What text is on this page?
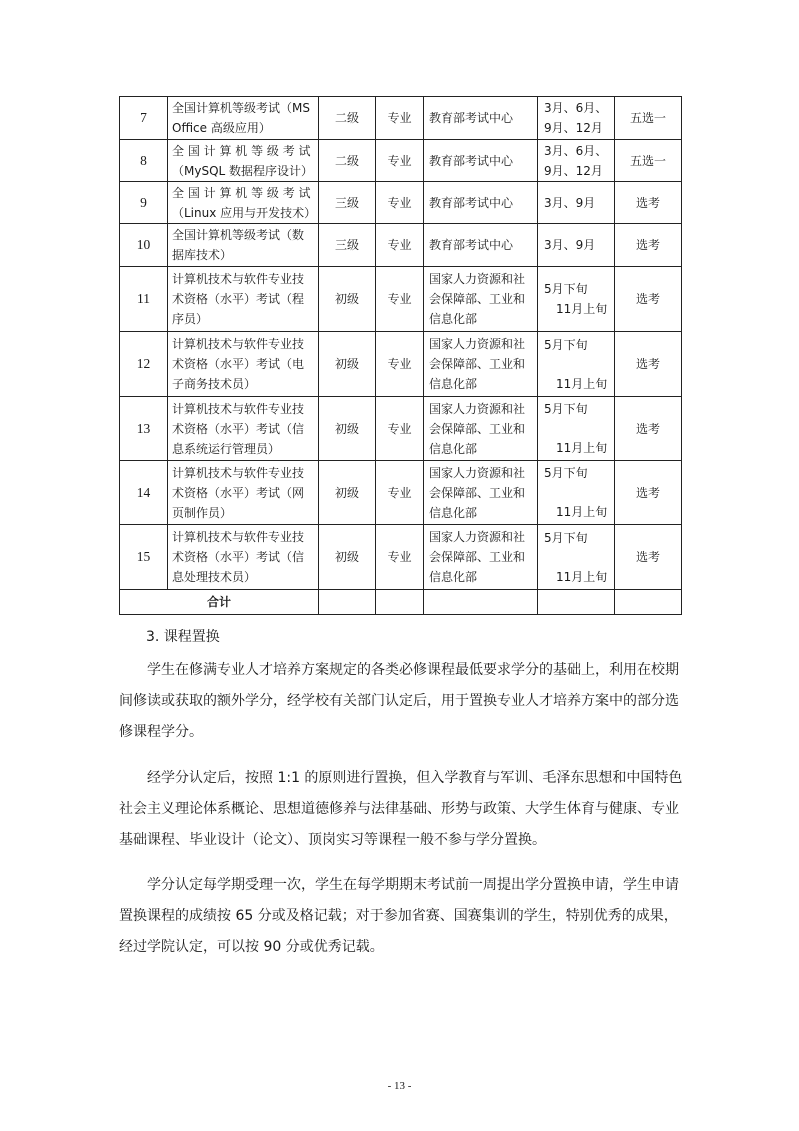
7	全国计算机等级考试（MS
Office 高级应用）	二级	专业	教育部考试中心	3月、6月、
9月、12月	五选一
8	全 国 计 算 机 等 级 考 试
（MySQL 数据程序设计）	二级	专业	教育部考试中心	3月、6月、
9月、12月	五选一
9	全 国 计 算 机 等 级 考 试
（Linux 应用与开发技术）	三级	专业	教育部考试中心	3月、9月	选考
10	全国计算机等级考试（数
据库技术）	三级	专业	教育部考试中心	3月、9月	选考
11	计算机技术与软件专业技
术资格（水平）考试（程
序员）	初级	专业	国家人力资源和社
会保障部、工业和
信息化部	5月下旬
11月上旬	选考
12	计算机技术与软件专业技
术资格（水平）考试（电
子商务技术员）	初级	专业	国家人力资源和社
会保障部、工业和
信息化部	5月下旬
11月上旬	选考
13	计算机技术与软件专业技
术资格（水平）考试（信
息系统运行管理员）	初级	专业	国家人力资源和社
会保障部、工业和
信息化部	5月下旬
11月上旬	选考
14	计算机技术与软件专业技
术资格（水平）考试（网
页制作员）	初级	专业	国家人力资源和社
会保障部、工业和
信息化部	5月下旬
11月上旬	选考
15	计算机技术与软件专业技
术资格（水平）考试（信
息处理技术员）	初级	专业	国家人力资源和社
会保障部、工业和
信息化部	5月下旬
11月上旬	选考
合计						
3. 课程置换
学生在修满专业人才培养方案规定的各类必修课程最低要求学分的基础上，利用在校期
间修读或获取的额外学分，经学校有关部门认定后，用于置换专业人才培养方案中的部分选
修课程学分。
经学分认定后，按照 1:1 的原则进行置换，但入学教育与军训、毛泽东思想和中国特色
社会主义理论体系概论、思想道德修养与法律基础、形势与政策、大学生体育与健康、专业
基础课程、毕业设计（论文）、顶岗实习等课程一般不参与学分置换。
学分认定每学期受理一次，学生在每学期期末考试前一周提出学分置换申请，学生申请
置换课程的成绩按 65 分或及格记载；对于参加省赛、国赛集训的学生，特别优秀的成果，
经过学院认定，可以按 90 分或优秀记载。
- 13 -
